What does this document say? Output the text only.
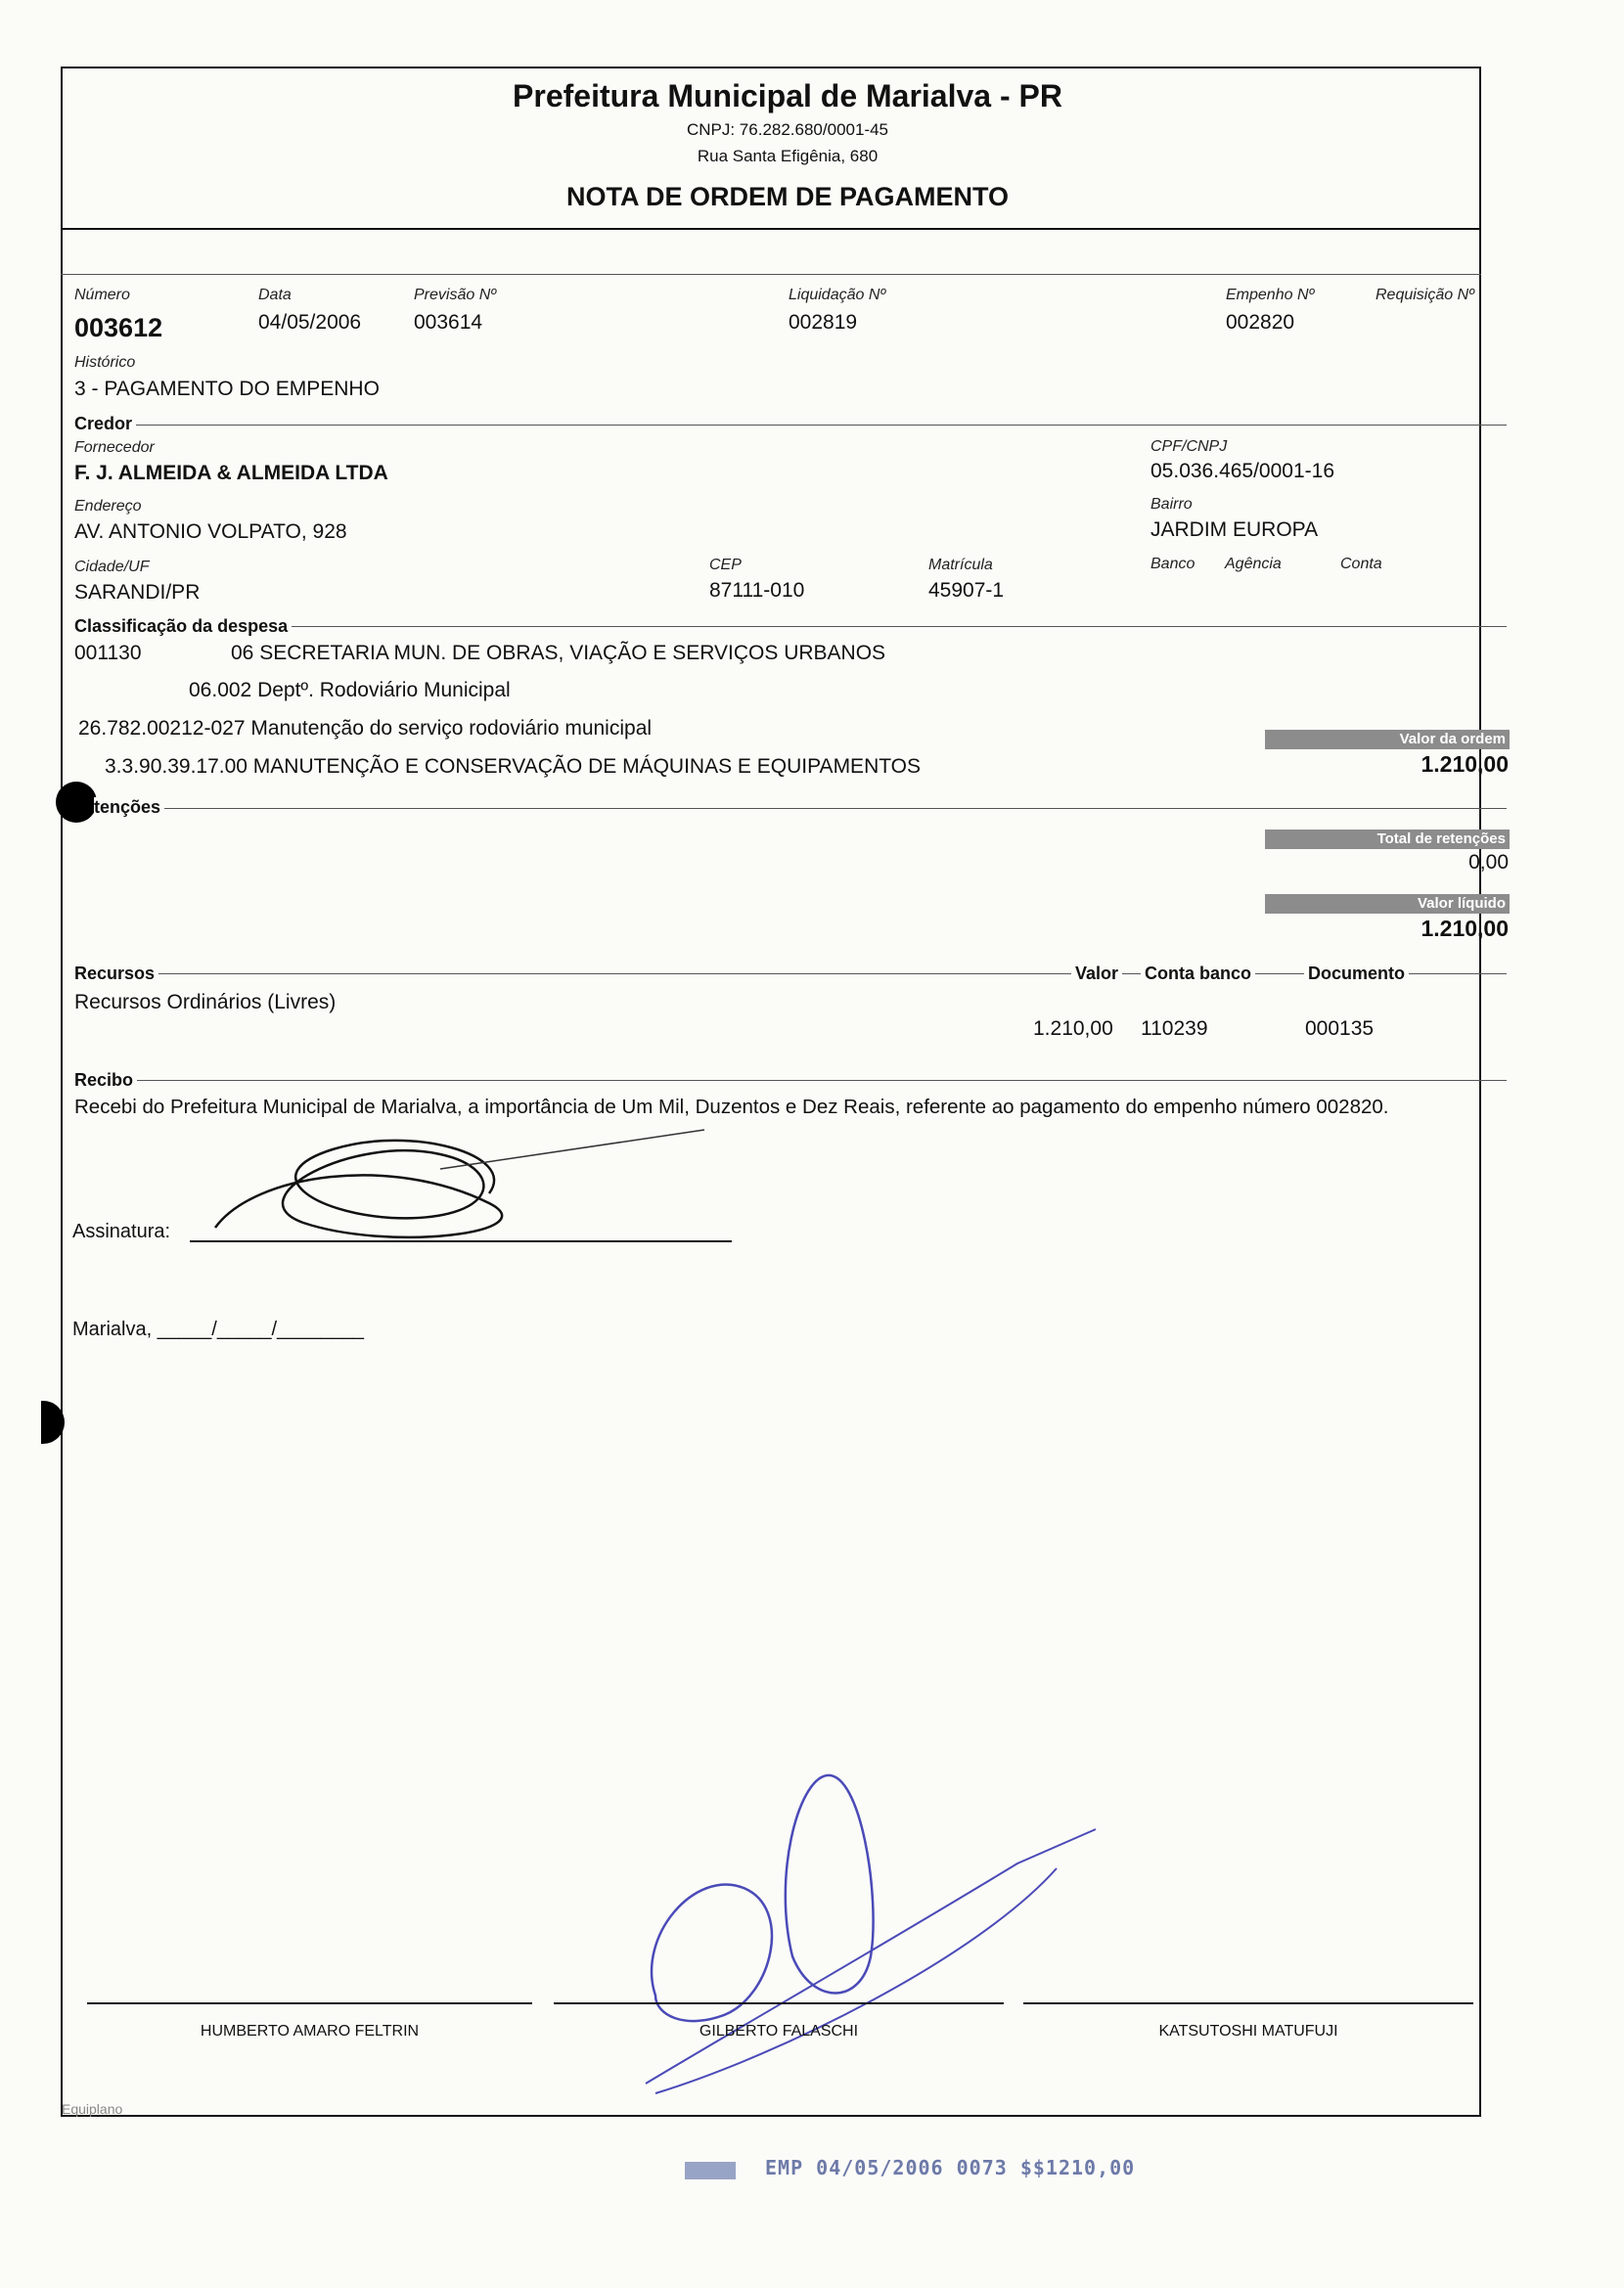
Prefeitura Municipal de Marialva - PR
CNPJ: 76.282.680/0001-45
Rua Santa Efigênia, 680
NOTA DE ORDEM DE PAGAMENTO
Número
003612
Data
04/05/2006
Previsão Nº
003614
Liquidação Nº
002819
Empenho Nº
002820
Requisição Nº
Histórico
3 - PAGAMENTO DO EMPENHO
Credor
Fornecedor
F. J. ALMEIDA & ALMEIDA LTDA
CPF/CNPJ
05.036.465/0001-16
Endereço
AV. ANTONIO VOLPATO, 928
Bairro
JARDIM EUROPA
Cidade/UF
SARANDI/PR
CEP
87111-010
Matrícula
45907-1
Banco Agência	Conta
Classificação da despesa
001130	06 SECRETARIA MUN. DE OBRAS, VIAÇÃO E SERVIÇOS URBANOS
06.002 Deptº. Rodoviário Municipal
26.782.00212-027 Manutenção do serviço rodoviário municipal
3.3.90.39.17.00 MANUTENÇÃO E CONSERVAÇÃO DE MÁQUINAS E EQUIPAMENTOS
Valor da ordem
1.210,00
tenções
Total de retenções
0,00
Valor líquido
1.210,00
Recursos	Valor Conta banco	Documento
Recursos Ordinários (Livres)
1.210,00 110239	000135
Recibo
Recebi do Prefeitura Municipal de Marialva, a importância de Um Mil, Duzentos e Dez Reais, referente ao pagamento do empenho número 002820.
Assinatura:
Marialva, _____/_____/________
HUMBERTO AMARO FELTRIN	GILBERTO FALASCHI	KATSUTOSHI MATUFUJI
Equiplano
EMP 04/05/2006 0073 $$1210,00
